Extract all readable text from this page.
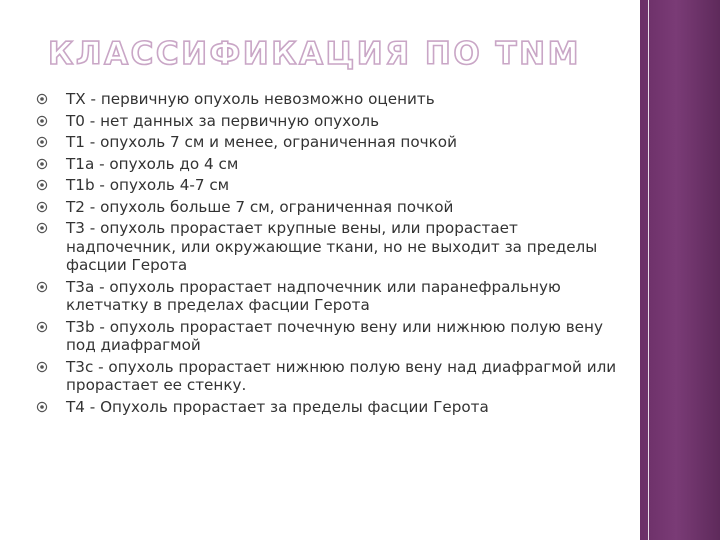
КЛАССИФИКАЦИЯ ПО TNM
TX - первичную опухоль невозможно оценить
T0 - нет данных за первичную опухоль
T1 - опухоль 7 см и менее, ограниченная почкой
T1a - опухоль до 4 см
T1b - опухоль 4-7 см
T2 - опухоль больше 7 см, ограниченная почкой
T3 - опухоль прорастает крупные вены, или прорастает надпочечник, или окружающие ткани, но не выходит за пределы фасции Герота
T3a - опухоль прорастает надпочечник или паранефральную клетчатку в пределах фасции Герота
T3b - опухоль прорастает почечную вену или нижнюю полую вену под диафрагмой
T3c - опухоль прорастает нижнюю полую вену над диафрагмой или прорастает ее стенку.
T4 - Опухоль прорастает за пределы фасции Герота
